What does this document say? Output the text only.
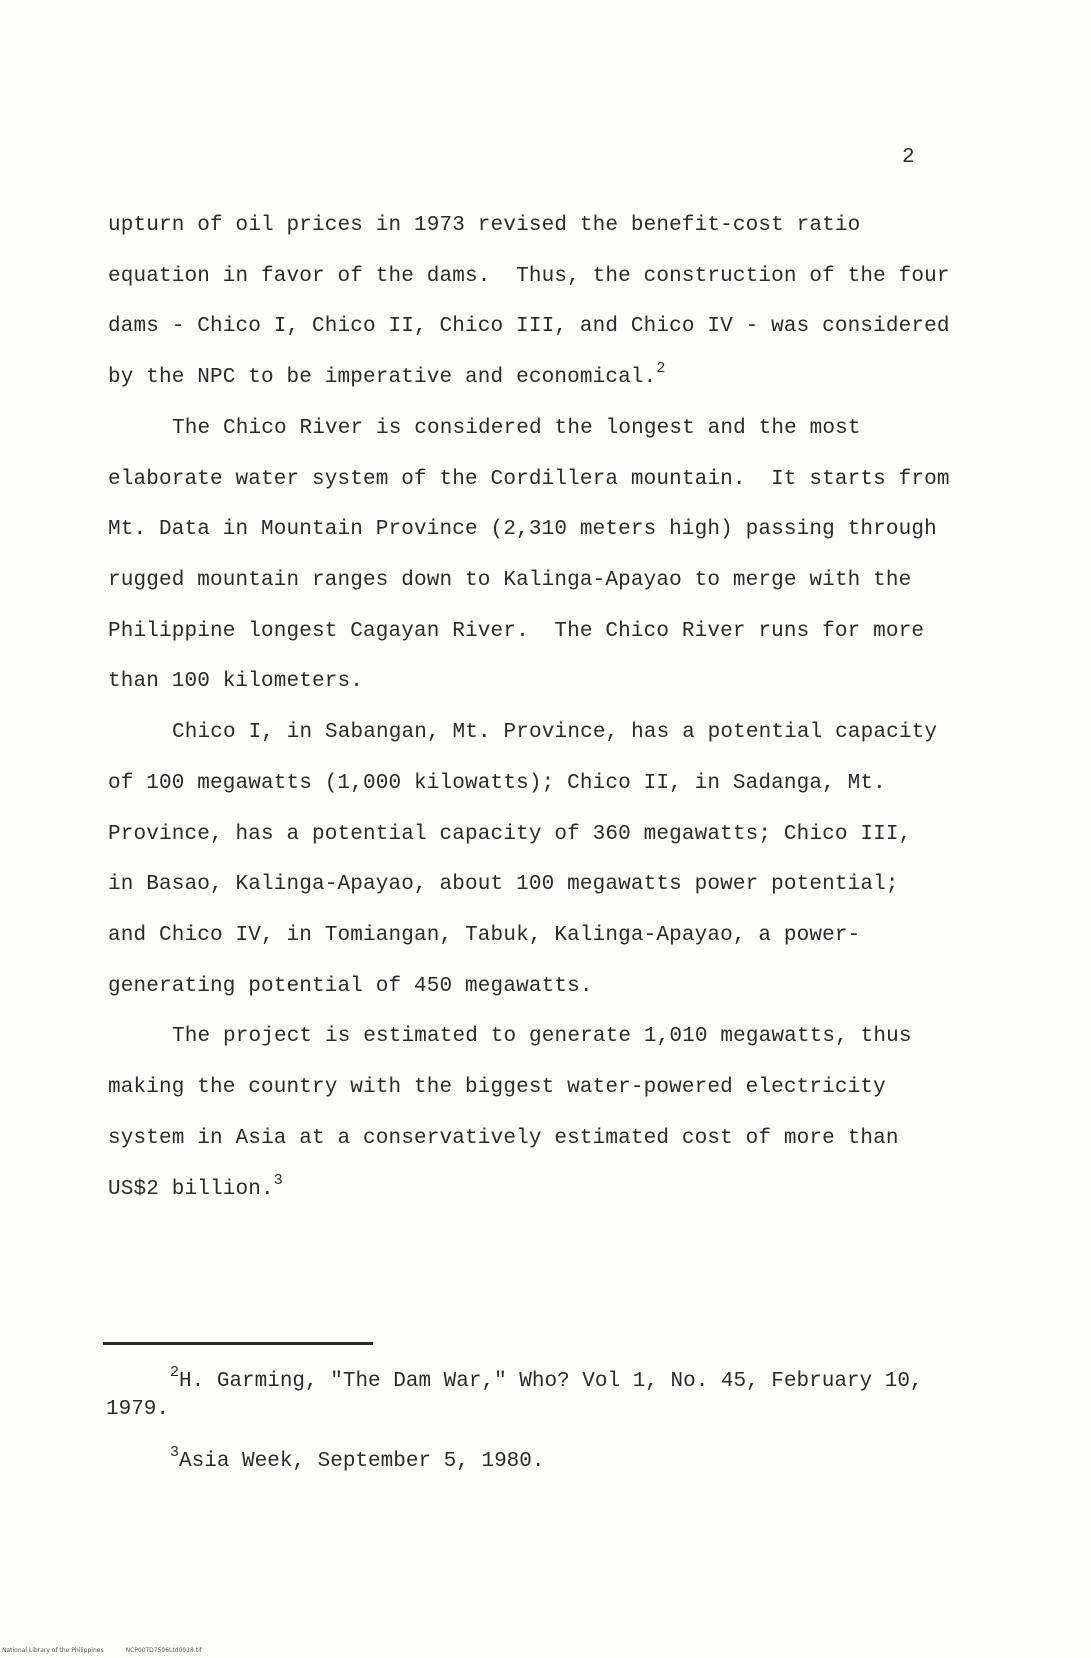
2
upturn of oil prices in 1973 revised the benefit-cost ratio
equation in favor of the dams.  Thus, the construction of the four
dams - Chico I, Chico II, Chico III, and Chico IV - was considered
by the NPC to be imperative and economical.$^2$
The Chico River is considered the longest and the most
elaborate water system of the Cordillera mountain.  It starts from
Mt. Data in Mountain Province (2,310 meters high) passing through
rugged mountain ranges down to Kalinga-Apayao to merge with the
Philippine longest Cagayan River.  The Chico River runs for more
than 100 kilometers.
Chico I, in Sabangan, Mt. Province, has a potential capacity
of 100 megawatts (1,000 kilowatts); Chico II, in Sadanga, Mt.
Province, has a potential capacity of 360 megawatts; Chico III,
in Basao, Kalinga-Apayao, about 100 megawatts power potential;
and Chico IV, in Tomiangan, Tabuk, Kalinga-Apayao, a power-
generating potential of 450 megawatts.
The project is estimated to generate 1,010 megawatts, thus
making the country with the biggest water-powered electricity
system in Asia at a conservatively estimated cost of more than
US$2 billion.$^3$
$^2$H. Garming, "The Dam War," Who? Vol 1, No. 45, February 10,
1979.
$^3$Asia Week, September 5, 1980.
National Library of the Philippines	NCP00TD7506Ltd0018.tif
